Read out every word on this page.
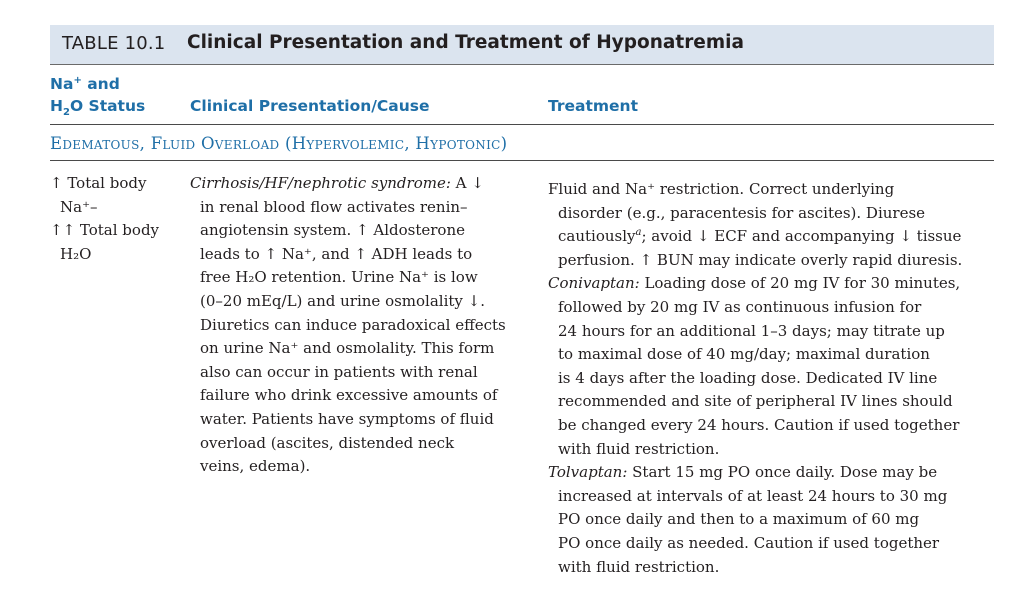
TABLE 10.1 Clinical Presentation and Treatment of Hyponatremia
Na+ and
$H_2O$ Status	Clinical Presentation/Cause	Treatment
Edematous, Fluid Overload (Hypervolemic, Hypotonic)
↑ Total body
Na⁺–
↑↑ Total body
H₂O
Cirrhosis/HF/nephrotic syndrome: A ↓
in renal blood flow activates renin–
angiotensin system. ↑ Aldosterone
leads to ↑ Na⁺, and ↑ ADH leads to
free H₂O retention. Urine Na⁺ is low
(0–20 mEq/L) and urine osmolality ↓.
Diuretics can induce paradoxical effects
on urine Na⁺ and osmolality. This form
also can occur in patients with renal
failure who drink excessive amounts of
water. Patients have symptoms of fluid
overload (ascites, distended neck
veins, edema).
Fluid and Na⁺ restriction. Correct underlying
disorder (e.g., paracentesis for ascites). Diurese
cautiously$^a$; avoid ↓ ECF and accompanying ↓ tissue
perfusion. ↑ BUN may indicate overly rapid diuresis.
Conivaptan: Loading dose of 20 mg IV for 30 minutes,
followed by 20 mg IV as continuous infusion for
24 hours for an additional 1–3 days; may titrate up
to maximal dose of 40 mg/day; maximal duration
is 4 days after the loading dose. Dedicated IV line
recommended and site of peripheral IV lines should
be changed every 24 hours. Caution if used together
with fluid restriction.
Tolvaptan: Start 15 mg PO once daily. Dose may be
increased at intervals of at least 24 hours to 30 mg
PO once daily and then to a maximum of 60 mg
PO once daily as needed. Caution if used together
with fluid restriction.
